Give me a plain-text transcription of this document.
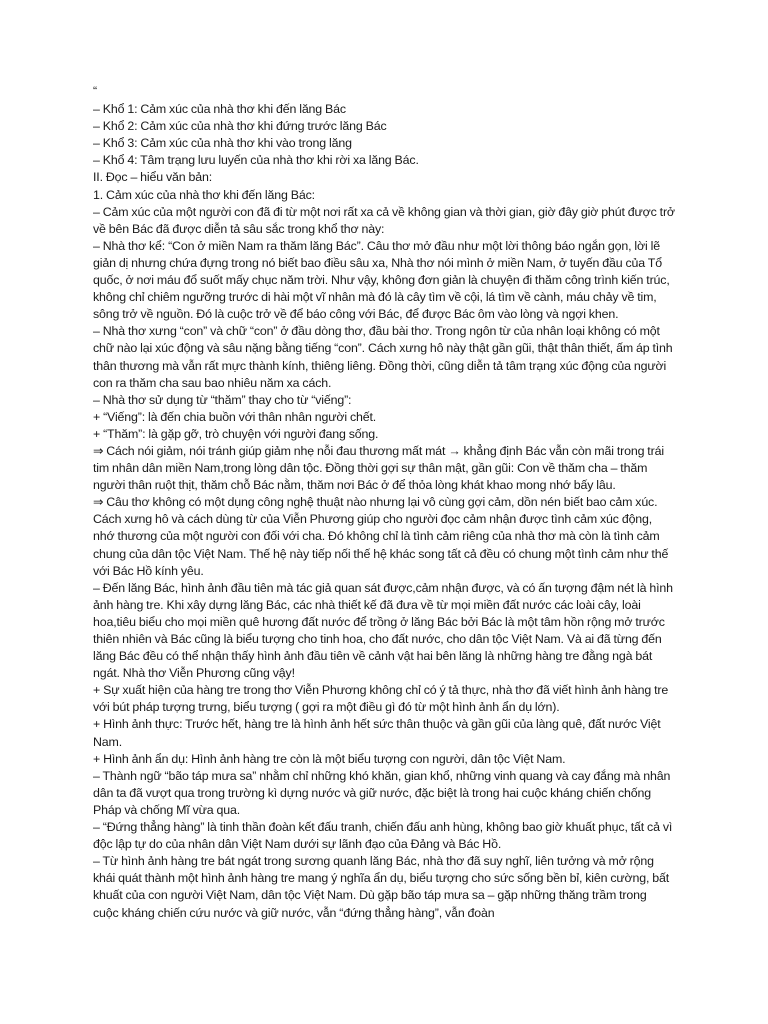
“

– Khổ 1: Cảm xúc của nhà thơ khi đến lăng Bác

– Khổ 2: Cảm xúc của nhà thơ khi đứng trước lăng Bác

– Khổ 3: Cảm xúc của nhà thơ khi vào trong lăng

– Khổ 4: Tâm trạng lưu luyến của nhà thơ khi rời xa lăng Bác.

II. Đọc – hiểu văn bản:

1. Cảm xúc của nhà thơ khi đến lăng Bác:

– Cảm xúc của một người con đã đi từ một nơi rất xa cả về không gian và thời gian, giờ đây giờ phút được trở về bên Bác đã được diễn tả sâu sắc trong khổ thơ này:

– Nhà thơ kể: “Con ở miền Nam ra thăm lăng Bác”. Câu thơ mở đầu như một lời thông báo ngắn gọn, lời lẽ giản dị nhưng chứa đựng trong nó biết bao điều sâu xa, Nhà thơ nói mình ở miền Nam, ở tuyến đầu của Tổ quốc, ở nơi máu đổ suốt mấy chục năm trời. Như vậy, không đơn giản là chuyện đi thăm công trình kiến trúc, không chỉ chiêm ngưỡng trước di hài một vĩ nhân mà đó là cây tìm về cội, lá tìm về cành, máu chảy về tim, sông trở về nguồn. Đó là cuộc trở về để báo công với Bác, để được Bác ôm vào lòng và ngợi khen.

– Nhà thơ xưng “con” và chữ “con” ở đầu dòng thơ, đầu bài thơ. Trong ngôn từ của nhân loại không có một chữ nào lại xúc động và sâu nặng bằng tiếng “con”. Cách xưng hô này thật gần gũi, thật thân thiết, ấm áp tình thân thương mà vẫn rất mực thành kính, thiêng liêng. Đồng thời, cũng diễn tả tâm trạng xúc động của người con ra thăm cha sau bao nhiêu năm xa cách.

– Nhà thơ sử dụng từ “thăm” thay cho từ “viếng”:

+ “Viếng”: là đến chia buồn với thân nhân người chết.

+ “Thăm”: là gặp gỡ, trò chuyện với người đang sống.

⇒ Cách nói giảm, nói tránh giúp giảm nhẹ nỗi đau thương mất mát → khẳng định Bác vẫn còn mãi trong trái tim nhân dân miền Nam,trong lòng dân tộc. Đồng thời gợi sự thân mật, gần gũi: Con về thăm cha – thăm người thân ruột thịt, thăm chỗ Bác nằm, thăm nơi Bác ở để thỏa lòng khát khao mong nhớ bấy lâu.

⇒ Câu thơ không có một dụng công nghệ thuật nào nhưng lại vô cùng gợi cảm, dồn nén biết bao cảm xúc. Cách xưng hô và cách dùng từ của Viễn Phương giúp cho người đọc cảm nhận được tình cảm xúc động, nhớ thương của một người con đối với cha. Đó không chỉ là tình cảm riêng của nhà thơ mà còn là tình cảm chung của dân tộc Việt Nam. Thế hệ này tiếp nối thế hệ khác song tất cả đều có chung một tình cảm như thế với Bác Hồ kính yêu.

– Đến lăng Bác, hình ảnh đầu tiên mà tác giả quan sát được,cảm nhận được, và có ấn tượng đậm nét là hình ảnh hàng tre. Khi xây dựng lăng Bác, các nhà thiết kế đã đưa về từ mọi miền đất nước các loài cây, loài hoa,tiêu biểu cho mọi miền quê hương đất nước để trồng ở lăng Bác bởi Bác là một tâm hồn rộng mở trước thiên nhiên và Bác cũng là biểu tượng cho tinh hoa, cho đất nước, cho dân tộc Việt Nam. Và ai đã từng đến lăng Bác đều có thể nhận thấy hình ảnh đầu tiên về cảnh vật hai bên lăng là những hàng tre đằng ngà bát ngát. Nhà thơ Viễn Phương cũng vậy!

+ Sự xuất hiện của hàng tre trong thơ Viễn Phương không chỉ có ý tả thực, nhà thơ đã viết hình ảnh hàng tre với bút pháp tượng trưng, biểu tượng ( gợi ra một điều gì đó từ một hình ảnh ẩn dụ lớn).

+ Hình ảnh thực: Trước hết, hàng tre là hình ảnh hết sức thân thuộc và gần gũi của làng quê, đất nước Việt Nam.

+ Hình ảnh ẩn dụ: Hình ảnh hàng tre còn là một biểu tượng con người, dân tộc Việt Nam.

– Thành ngữ “bão táp mưa sa” nhằm chỉ những khó khăn, gian khổ, những vinh quang và cay đắng mà nhân dân ta đã vượt qua trong trường kì dựng nước và giữ nước, đặc biệt là trong hai cuộc kháng chiến chống Pháp và chống Mĩ vừa qua.

– “Đứng thẳng hàng” là tinh thần đoàn kết đấu tranh, chiến đấu anh hùng, không bao giờ khuất phục, tất cả vì độc lập tự do của nhân dân Việt Nam dưới sự lãnh đạo của Đảng và Bác Hồ.

– Từ hình ảnh hàng tre bát ngát trong sương quanh lăng Bác, nhà thơ đã suy nghĩ, liên tưởng và mở rộng khái quát thành một hình ảnh hàng tre mang ý nghĩa ẩn dụ, biểu tượng cho sức sống bền bỉ, kiên cường, bất khuất của con người Việt Nam, dân tộc Việt Nam. Dù gặp bão táp mưa sa – gặp những thăng trầm trong cuộc kháng chiến cứu nước và giữ nước, vẫn “đứng thẳng hàng”, vẫn đoàn
